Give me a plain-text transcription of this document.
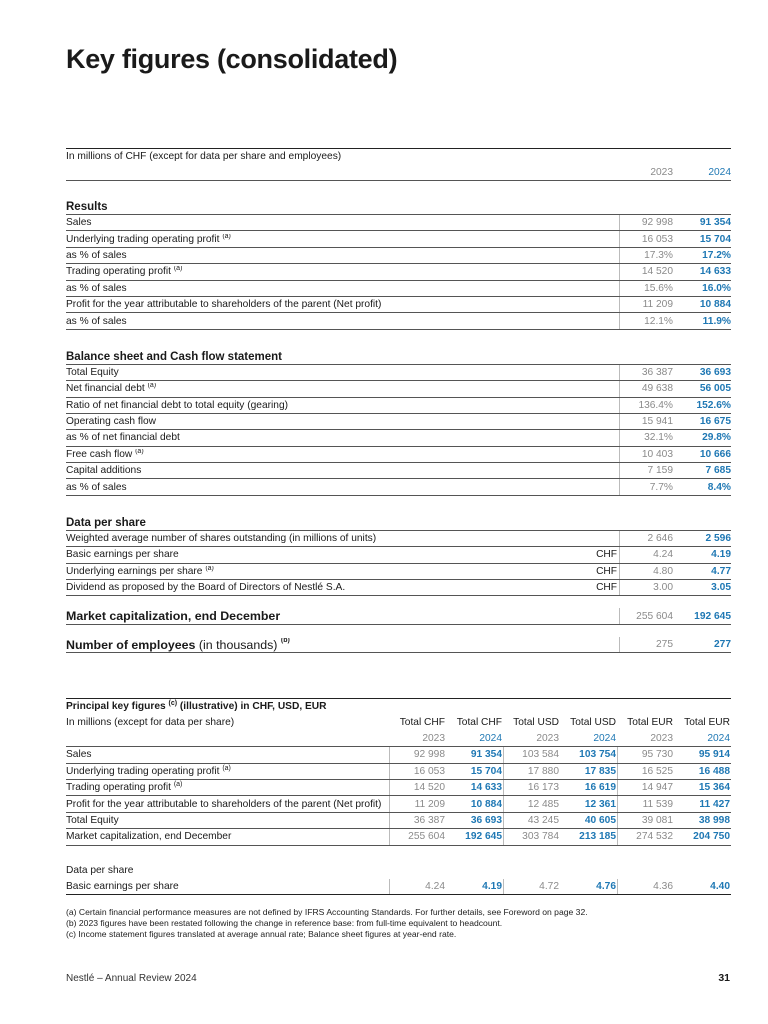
Key figures (consolidated)
In millions of CHF (except for data per share and employees)
2023	2024
Results
Sales	92 998	91 354
Underlying trading operating profit $^{(a)}$	16 053	15 704
as % of sales	17.3%	17.2%
Trading operating profit $^{(a)}$	14 520	14 633
as % of sales	15.6%	16.0%
Profit for the year attributable to shareholders of the parent (Net profit)	11 209	10 884
as % of sales	12.1%	11.9%
Balance sheet and Cash flow statement
Total Equity	36 387	36 693
Net financial debt $^{(a)}$	49 638	56 005
Ratio of net financial debt to total equity (gearing)	136.4%	152.6%
Operating cash flow	15 941	16 675
as % of net financial debt	32.1%	29.8%
Free cash flow $^{(a)}$	10 403	10 666
Capital additions	7 159	7 685
as % of sales	7.7%	8.4%
Data per share
Weighted average number of shares outstanding (in millions of units)	2 646	2 596
Basic earnings per share	CHF	4.24	4.19
Underlying earnings per share $^{(a)}$	CHF	4.80	4.77
Dividend as proposed by the Board of Directors of Nestlé S.A.	CHF	3.00	3.05
Market capitalization, end December	255 604	192 645
Number of employees (in thousands) $^{(b)}$	275	277
Principal key figures $^{(c)}$ (illustrative) in CHF, USD, EUR
In millions (except for data per share)	Total CHF	Total CHF	Total USD	Total USD	Total EUR	Total EUR
2023	2024	2023	2024	2023	2024
Sales	92 998	91 354	103 584	103 754	95 730	95 914
Underlying trading operating profit $^{(a)}$	16 053	15 704	17 880	17 835	16 525	16 488
Trading operating profit $^{(a)}$	14 520	14 633	16 173	16 619	14 947	15 364
Profit for the year attributable to shareholders of the parent (Net profit)	11 209	10 884	12 485	12 361	11 539	11 427
Total Equity	36 387	36 693	43 245	40 605	39 081	38 998
Market capitalization, end December	255 604	192 645	303 784	213 185	274 532	204 750
Data per share
Basic earnings per share	4.24	4.19	4.72	4.76	4.36	4.40
(a) Certain financial performance measures are not defined by IFRS Accounting Standards. For further details, see Foreword on page 32.
(b) 2023 figures have been restated following the change in reference base: from full-time equivalent to headcount.
(c) Income statement figures translated at average annual rate; Balance sheet figures at year-end rate.
Nestlé – Annual Review 2024	31
